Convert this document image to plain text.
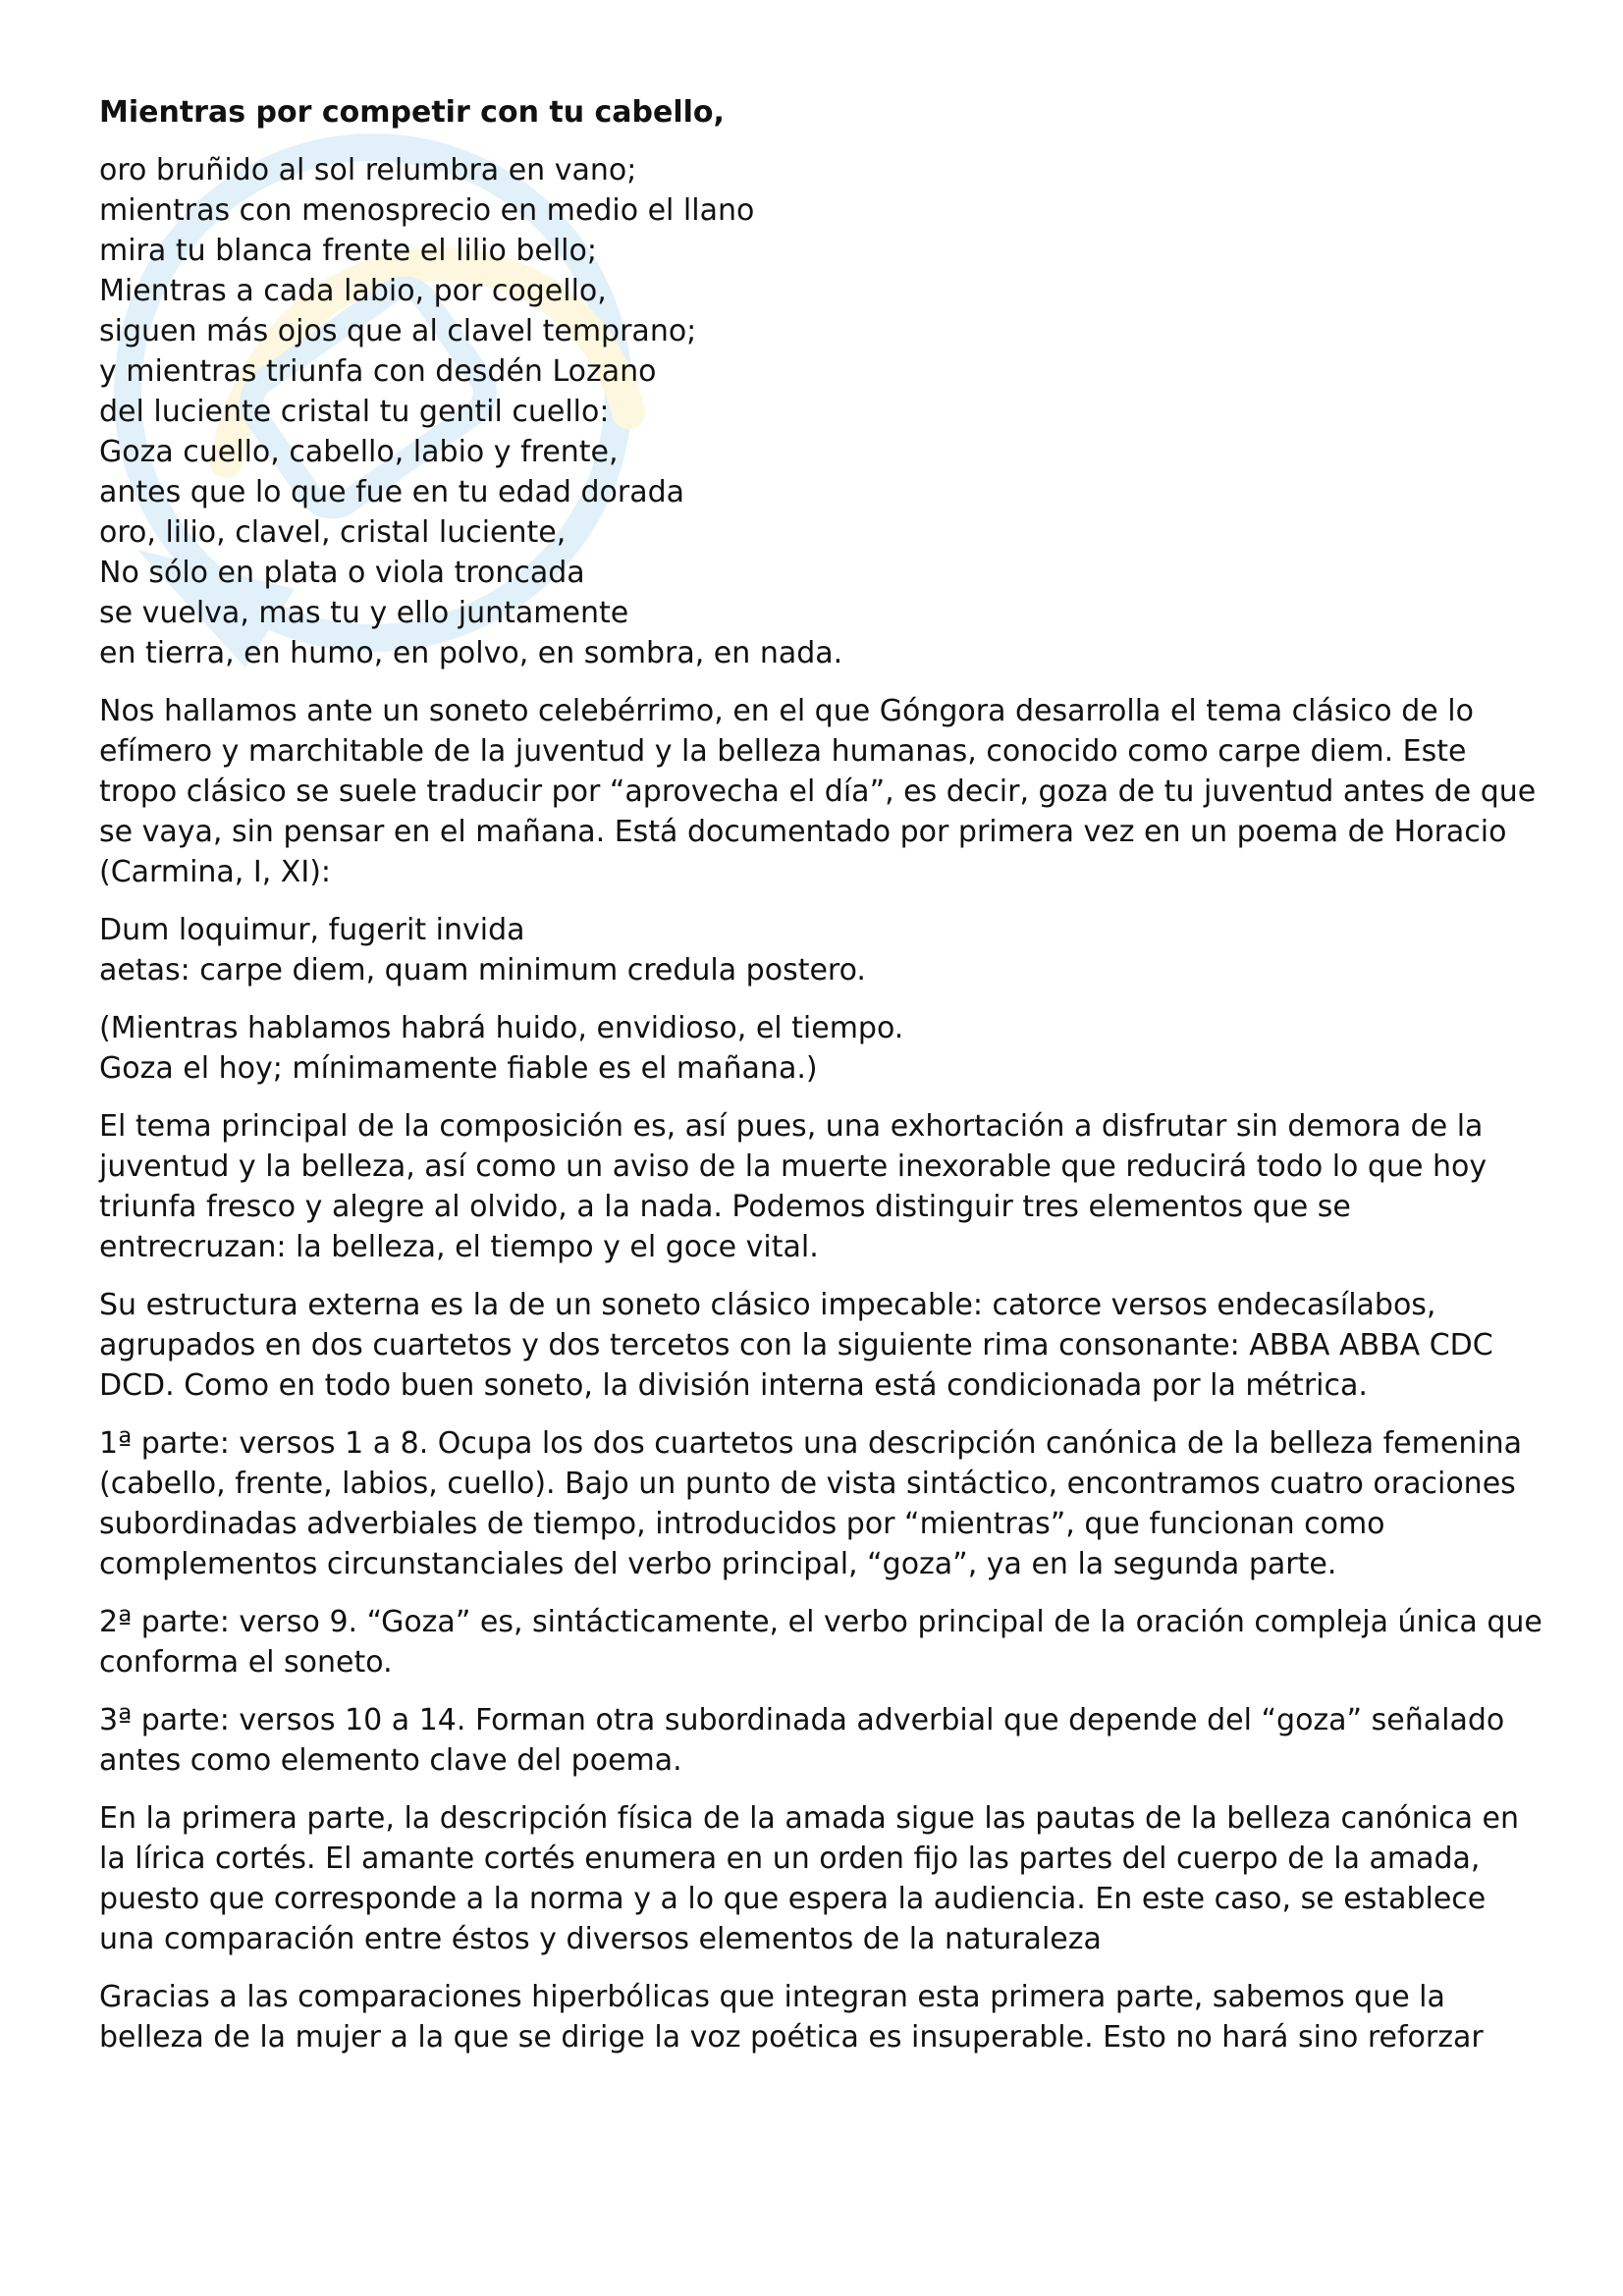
Mientras por competir con tu cabello,

oro bruñido al sol relumbra en vano;
mientras con menosprecio en medio el llano
mira tu blanca frente el lilio bello;
Mientras a cada labio, por cogello,
siguen más ojos que al clavel temprano;
y mientras triunfa con desdén Lozano
del luciente cristal tu gentil cuello:
Goza cuello, cabello, labio y frente,
antes que lo que fue en tu edad dorada
oro, lilio, clavel, cristal luciente,
No sólo en plata o viola troncada
se vuelva, mas tu y ello juntamente
en tierra, en humo, en polvo, en sombra, en nada.

Nos hallamos ante un soneto celebérrimo, en el que Góngora desarrolla el tema clásico de lo efímero y marchitable de la juventud y la belleza humanas, conocido como carpe diem. Este tropo clásico se suele traducir por “aprovecha el día”, es decir, goza de tu juventud antes de que se vaya, sin pensar en el mañana. Está documentado por primera vez en un poema de Horacio (Carmina, I, XI):

Dum loquimur, fugerit invida
aetas: carpe diem, quam minimum credula postero.

(Mientras hablamos habrá huido, envidioso, el tiempo.
Goza el hoy; mínimamente fiable es el mañana.)

El tema principal de la composición es, así pues, una exhortación a disfrutar sin demora de la juventud y la belleza, así como un aviso de la muerte inexorable que reducirá todo lo que hoy triunfa fresco y alegre al olvido, a la nada. Podemos distinguir tres elementos que se entrecruzan: la belleza, el tiempo y el goce vital.

Su estructura externa es la de un soneto clásico impecable: catorce versos endecasílabos, agrupados en dos cuartetos y dos tercetos con la siguiente rima consonante: ABBA ABBA CDC DCD. Como en todo buen soneto, la división interna está condicionada por la métrica.

1ª parte: versos 1 a 8. Ocupa los dos cuartetos una descripción canónica de la belleza femenina (cabello, frente, labios, cuello). Bajo un punto de vista sintáctico, encontramos cuatro oraciones subordinadas adverbiales de tiempo, introducidos por “mientras”, que funcionan como complementos circunstanciales del verbo principal, “goza”, ya en la segunda parte.

2ª parte: verso 9. “Goza” es, sintácticamente, el verbo principal de la oración compleja única que conforma el soneto.

3ª parte: versos 10 a 14. Forman otra subordinada adverbial que depende del “goza” señalado antes como elemento clave del poema.

En la primera parte, la descripción física de la amada sigue las pautas de la belleza canónica en la lírica cortés. El amante cortés enumera en un orden fijo las partes del cuerpo de la amada, puesto que corresponde a la norma y a lo que espera la audiencia. En este caso, se establece una comparación entre éstos y diversos elementos de la naturaleza

Gracias a las comparaciones hiperbólicas que integran esta primera parte, sabemos que la belleza de la mujer a la que se dirige la voz poética es insuperable. Esto no hará sino reforzar
